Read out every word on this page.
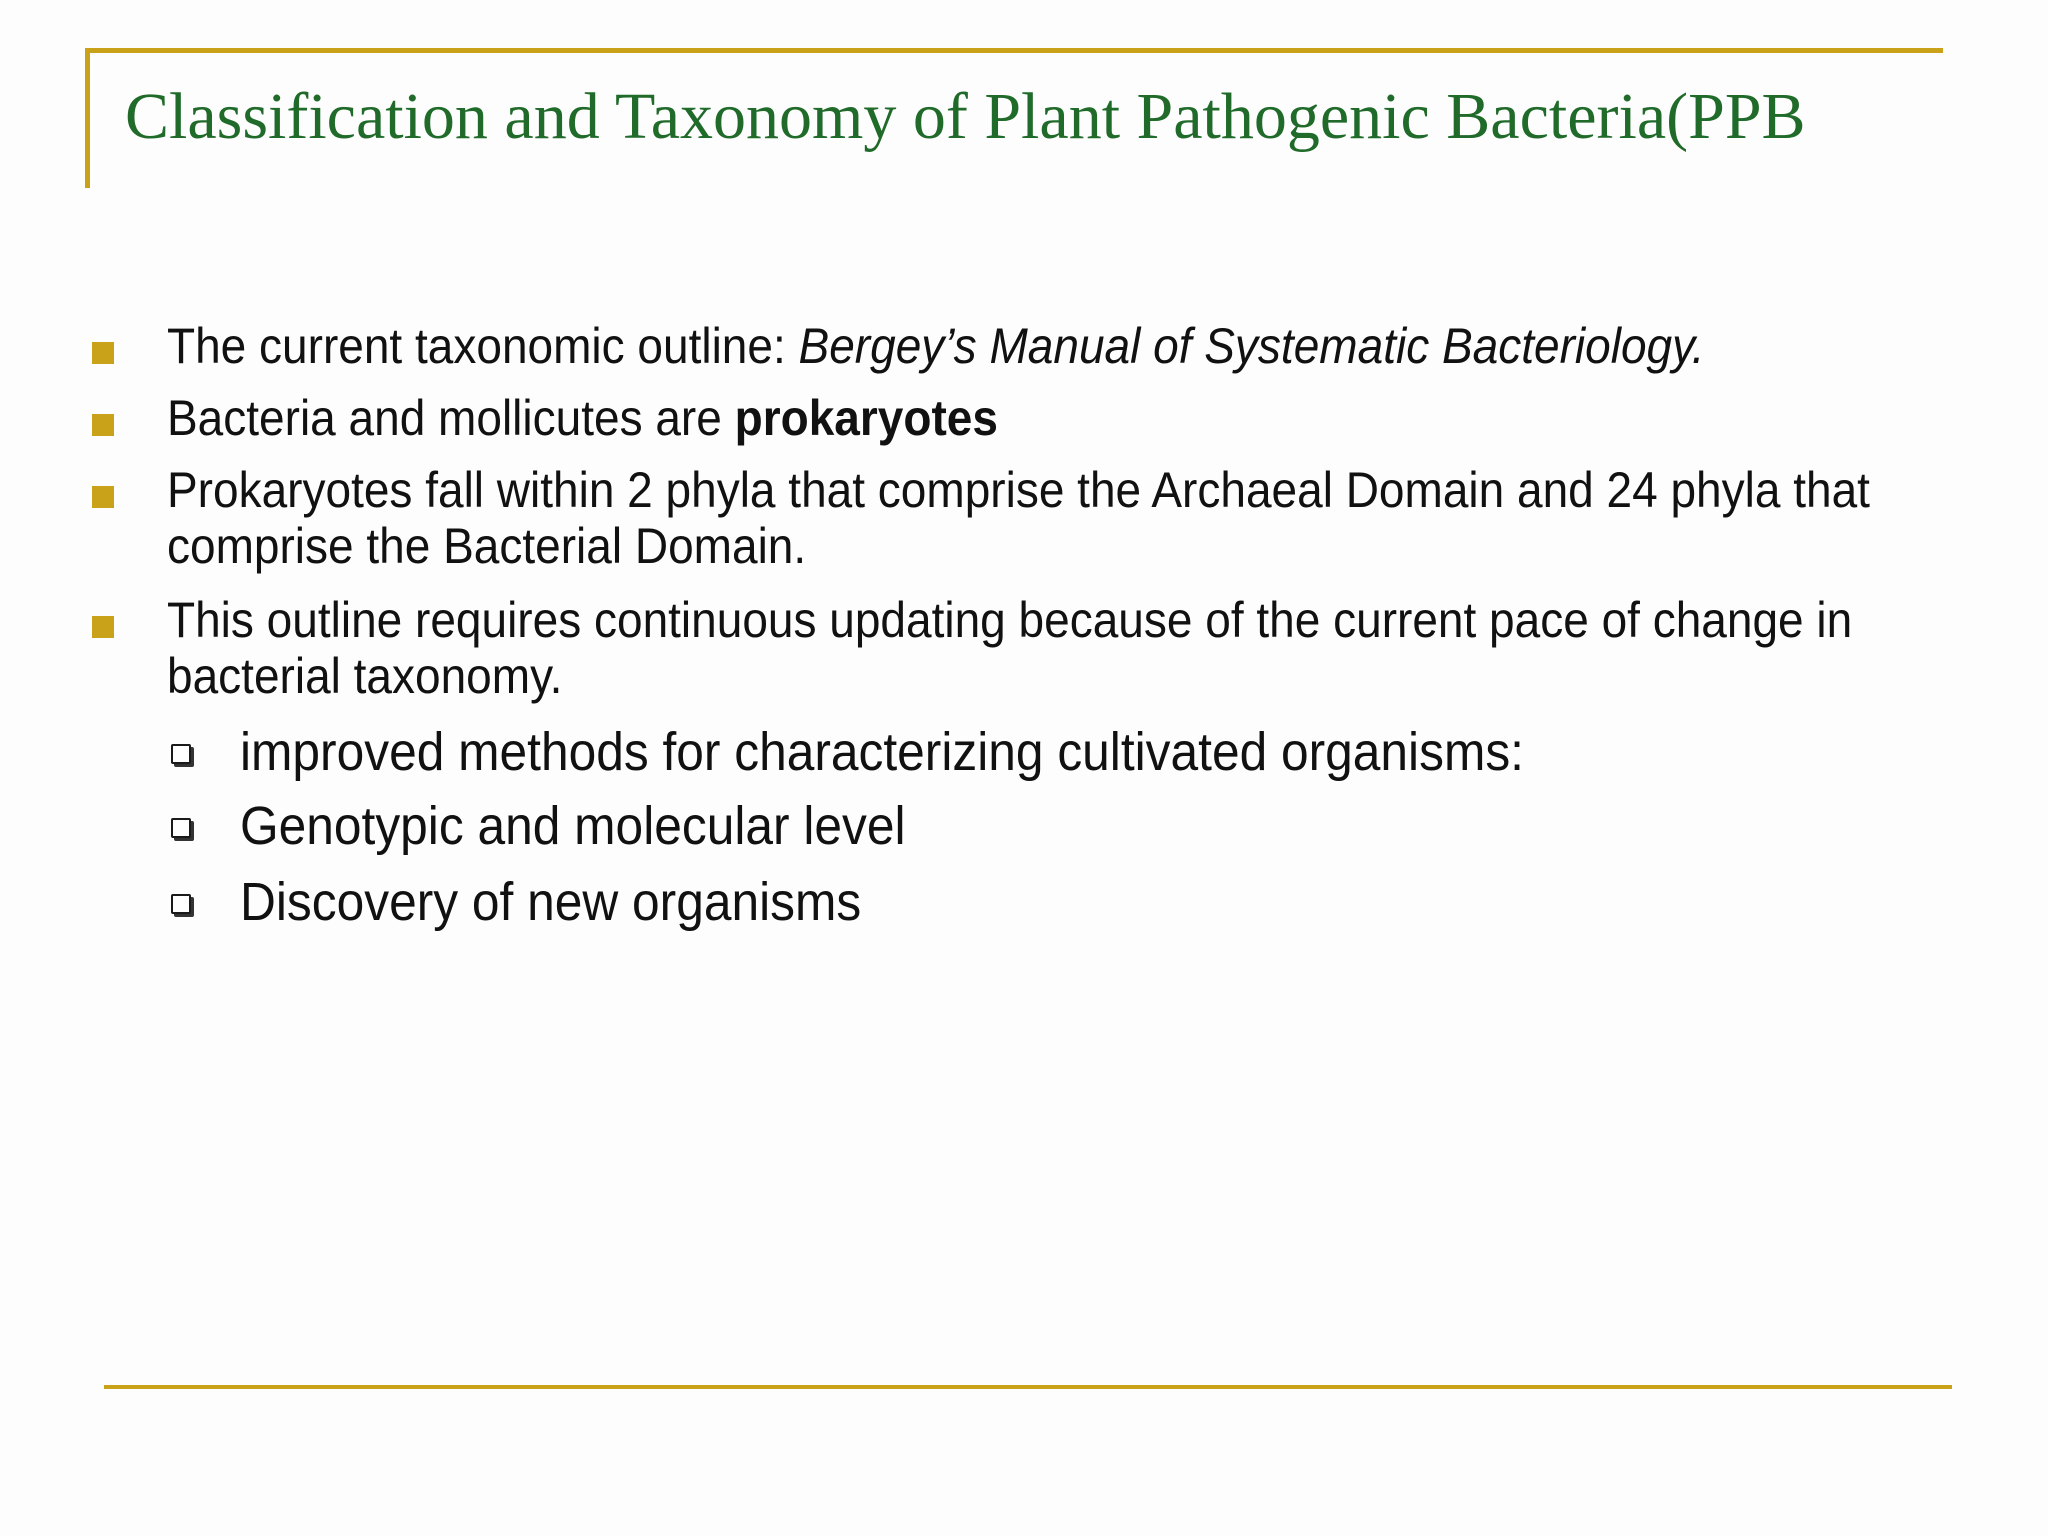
Classification and Taxonomy of Plant Pathogenic Bacteria(PPB
The current taxonomic outline: Bergey’s Manual of Systematic Bacteriology.
Bacteria and mollicutes are prokaryotes
Prokaryotes fall within 2 phyla that comprise the Archaeal Domain and 24 phyla that comprise the Bacterial Domain.
This outline requires continuous updating because of the current pace of change in bacterial taxonomy.
improved methods for characterizing cultivated organisms:
Genotypic and molecular level
Discovery of new organisms
